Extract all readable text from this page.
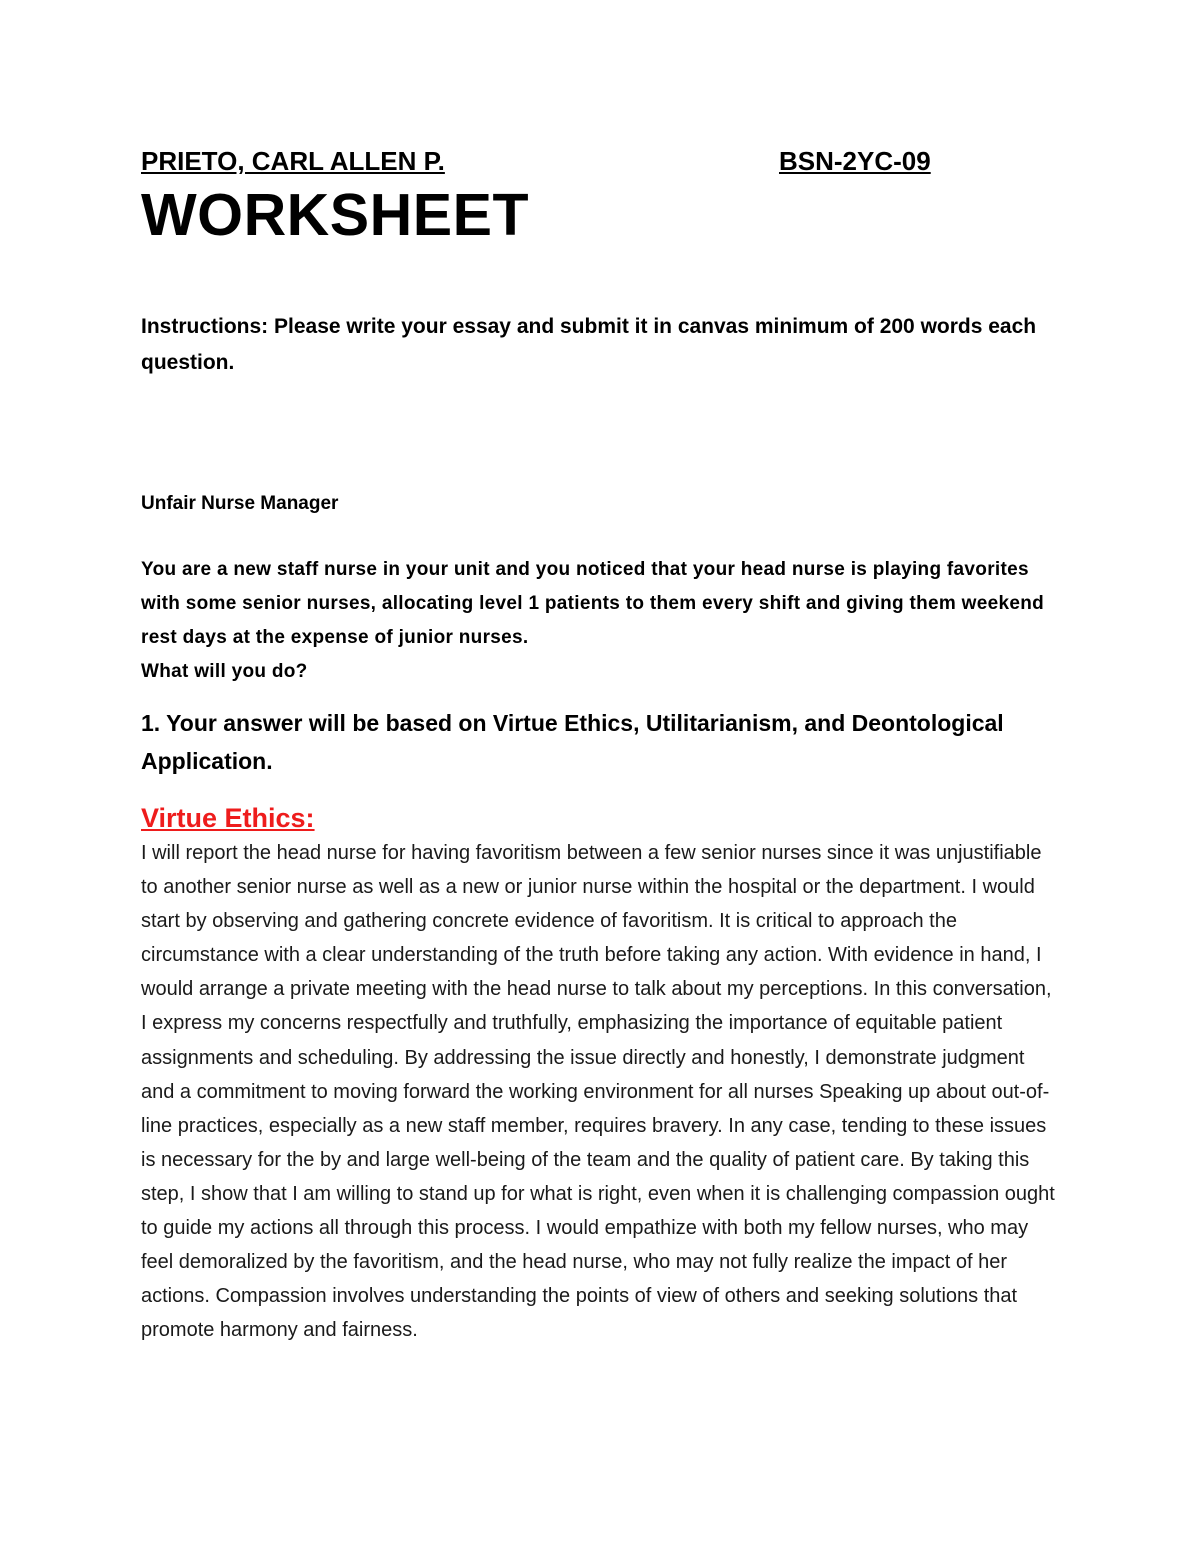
PRIETO, CARL ALLEN P.	BSN-2YC-09
WORKSHEET
Instructions: Please write your essay and submit it in canvas minimum of 200 words each question.
Unfair Nurse Manager
You are a new staff nurse in your unit and you noticed that your head nurse is playing favorites with some senior nurses, allocating level 1 patients to them every shift and giving them weekend rest days at the expense of junior nurses.
What will you do?
1. Your answer will be based on Virtue Ethics, Utilitarianism, and Deontological Application.
Virtue Ethics:
I will report the head nurse for having favoritism between a few senior nurses since it was unjustifiable to another senior nurse as well as a new or junior nurse within the hospital or the department. I would start by observing and gathering concrete evidence of favoritism. It is critical to approach the circumstance with a clear understanding of the truth before taking any action. With evidence in hand, I would arrange a private meeting with the head nurse to talk about my perceptions. In this conversation, I express my concerns respectfully and truthfully, emphasizing the importance of equitable patient assignments and scheduling. By addressing the issue directly and honestly, I demonstrate judgment and a commitment to moving forward the working environment for all nurses Speaking up about out-of-line practices, especially as a new staff member, requires bravery. In any case, tending to these issues is necessary for the by and large well-being of the team and the quality of patient care. By taking this step, I show that I am willing to stand up for what is right, even when it is challenging compassion ought to guide my actions all through this process. I would empathize with both my fellow nurses, who may feel demoralized by the favoritism, and the head nurse, who may not fully realize the impact of her actions. Compassion involves understanding the points of view of others and seeking solutions that promote harmony and fairness.
